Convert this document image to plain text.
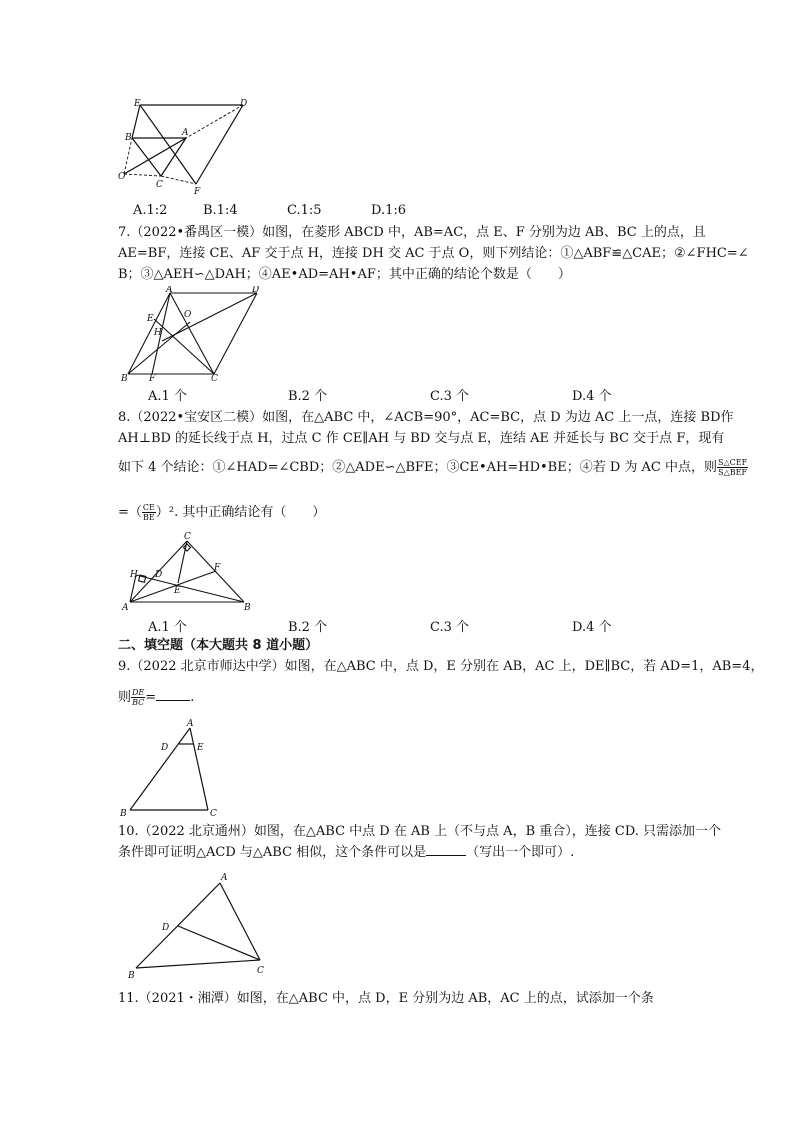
E	D
B	A
O
C
F
A.1:2	B.1:4	C.1:5	D.1:6
7.（2022•番禺区一模）如图，在菱形 ABCD 中，AB=AC，点 E、F 分别为边 AB、BC 上的点，且
AE=BF，连接 CE、AF 交于点 H，连接 DH 交 AC 于点 O，则下列结论：①△ABF≌△CAE；②∠FHC=∠
B；③△AEH∽△DAH；④AE•AD=AH•AF；其中正确的结论个数是（　　）
A	D
E	O
H
B F	C
A.1 个	B.2 个	C.3 个	D.4 个
8.（2022•宝安区二模）如图，在△ABC 中，∠ACB=90°，AC=BC，点 D 为边 AC 上一点，连接 BD作
AH⊥BD 的延长线于点 H，过点 C 作 CE∥AH 与 BD 交与点 E，连结 AE 并延长与 BC 交于点 F，现有
如下 4 个结论：①∠HAD=∠CBD；②△ADE∽△BFE；③CE•AH=HD•BE；④若 D 为 AC 中点，则 $\frac{\text{S△CEF}}{\text{S△BEF}}$
=（ $\frac{CE}{BE} )^2$. 其中正确结论有（　　）
C
H D
F
E
A	B
A.1 个	B.2 个	C.3 个	D.4 个
二、填空题（本大题共 8 道小题）
9.（2022 北京市师达中学）如图，在△ABC 中，点 D，E 分别在 AB，AC 上，DE∥BC，若 AD=1，AB=4，
则 $\frac{DE}{BC}$ =	.
A
D	E
B	C
10.（2022 北京通州）如图，在△ABC 中点 D 在 AB 上（不与点 A，B 重合），连接 CD. 只需添加一个
条件即可证明△ACD 与△ABC 相似，这个条件可以是	（写出一个即可）.
A
D
B	C
11.（2021・湘潭）如图，在△ABC 中，点 D，E 分别为边 AB，AC 上的点，试添加一个条
